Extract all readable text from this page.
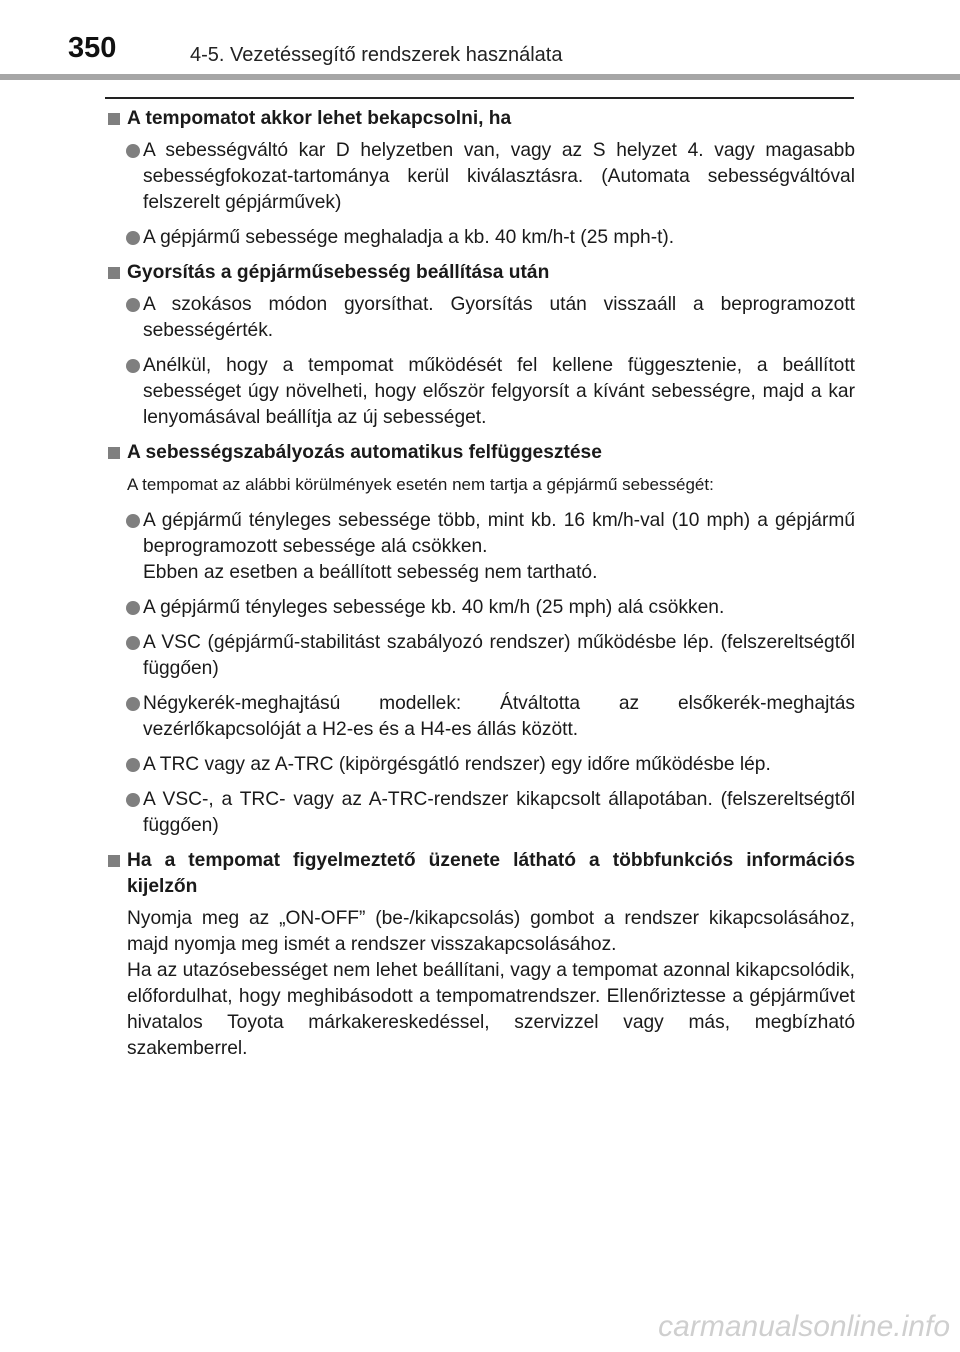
350	4-5. Vezetéssegítő rendszerek használata
A tempomatot akkor lehet bekapcsolni, ha
A sebességváltó kar D helyzetben van, vagy az S helyzet 4. vagy magasabb sebességfokozat-tartománya kerül kiválasztásra. (Automata sebességváltóval felszerelt gépjárművek)
A gépjármű sebessége meghaladja a kb. 40 km/h-t (25 mph-t).
Gyorsítás a gépjárműsebesség beállítása után
A szokásos módon gyorsíthat. Gyorsítás után visszaáll a beprogramozott sebességérték.
Anélkül, hogy a tempomat működését fel kellene függesztenie, a beállított sebességet úgy növelheti, hogy először felgyorsít a kívánt sebességre, majd a kar lenyomásával beállítja az új sebességet.
A sebességszabályozás automatikus felfüggesztése
A tempomat az alábbi körülmények esetén nem tartja a gépjármű sebességét:
A gépjármű tényleges sebessége több, mint kb. 16 km/h-val (10 mph) a gépjármű beprogramozott sebessége alá csökken.
Ebben az esetben a beállított sebesség nem tartható.
A gépjármű tényleges sebessége kb. 40 km/h (25 mph) alá csökken.
A VSC (gépjármű-stabilitást szabályozó rendszer) működésbe lép. (felszereltségtől függően)
Négykerék-meghajtású modellek: Átváltotta az elsőkerék-meghajtás vezérlőkapcsolóját a H2-es és a H4-es állás között.
A TRC vagy az A-TRC (kipörgésgátló rendszer) egy időre működésbe lép.
A VSC-, a TRC- vagy az A-TRC-rendszer kikapcsolt állapotában. (felszereltségtől függően)
Ha a tempomat figyelmeztető üzenete látható a többfunkciós információs kijelzőn
Nyomja meg az „ON-OFF” (be-/kikapcsolás) gombot a rendszer kikapcsolásához, majd nyomja meg ismét a rendszer visszakapcsolásához.
Ha az utazósebességet nem lehet beállítani, vagy a tempomat azonnal kikapcsolódik, előfordulhat, hogy meghibásodott a tempomatrendszer. Ellenőriztesse a gépjárművet hivatalos Toyota márkakereskedéssel, szervizzel vagy más, megbízható szakemberrel.
carmanualsonline.info
